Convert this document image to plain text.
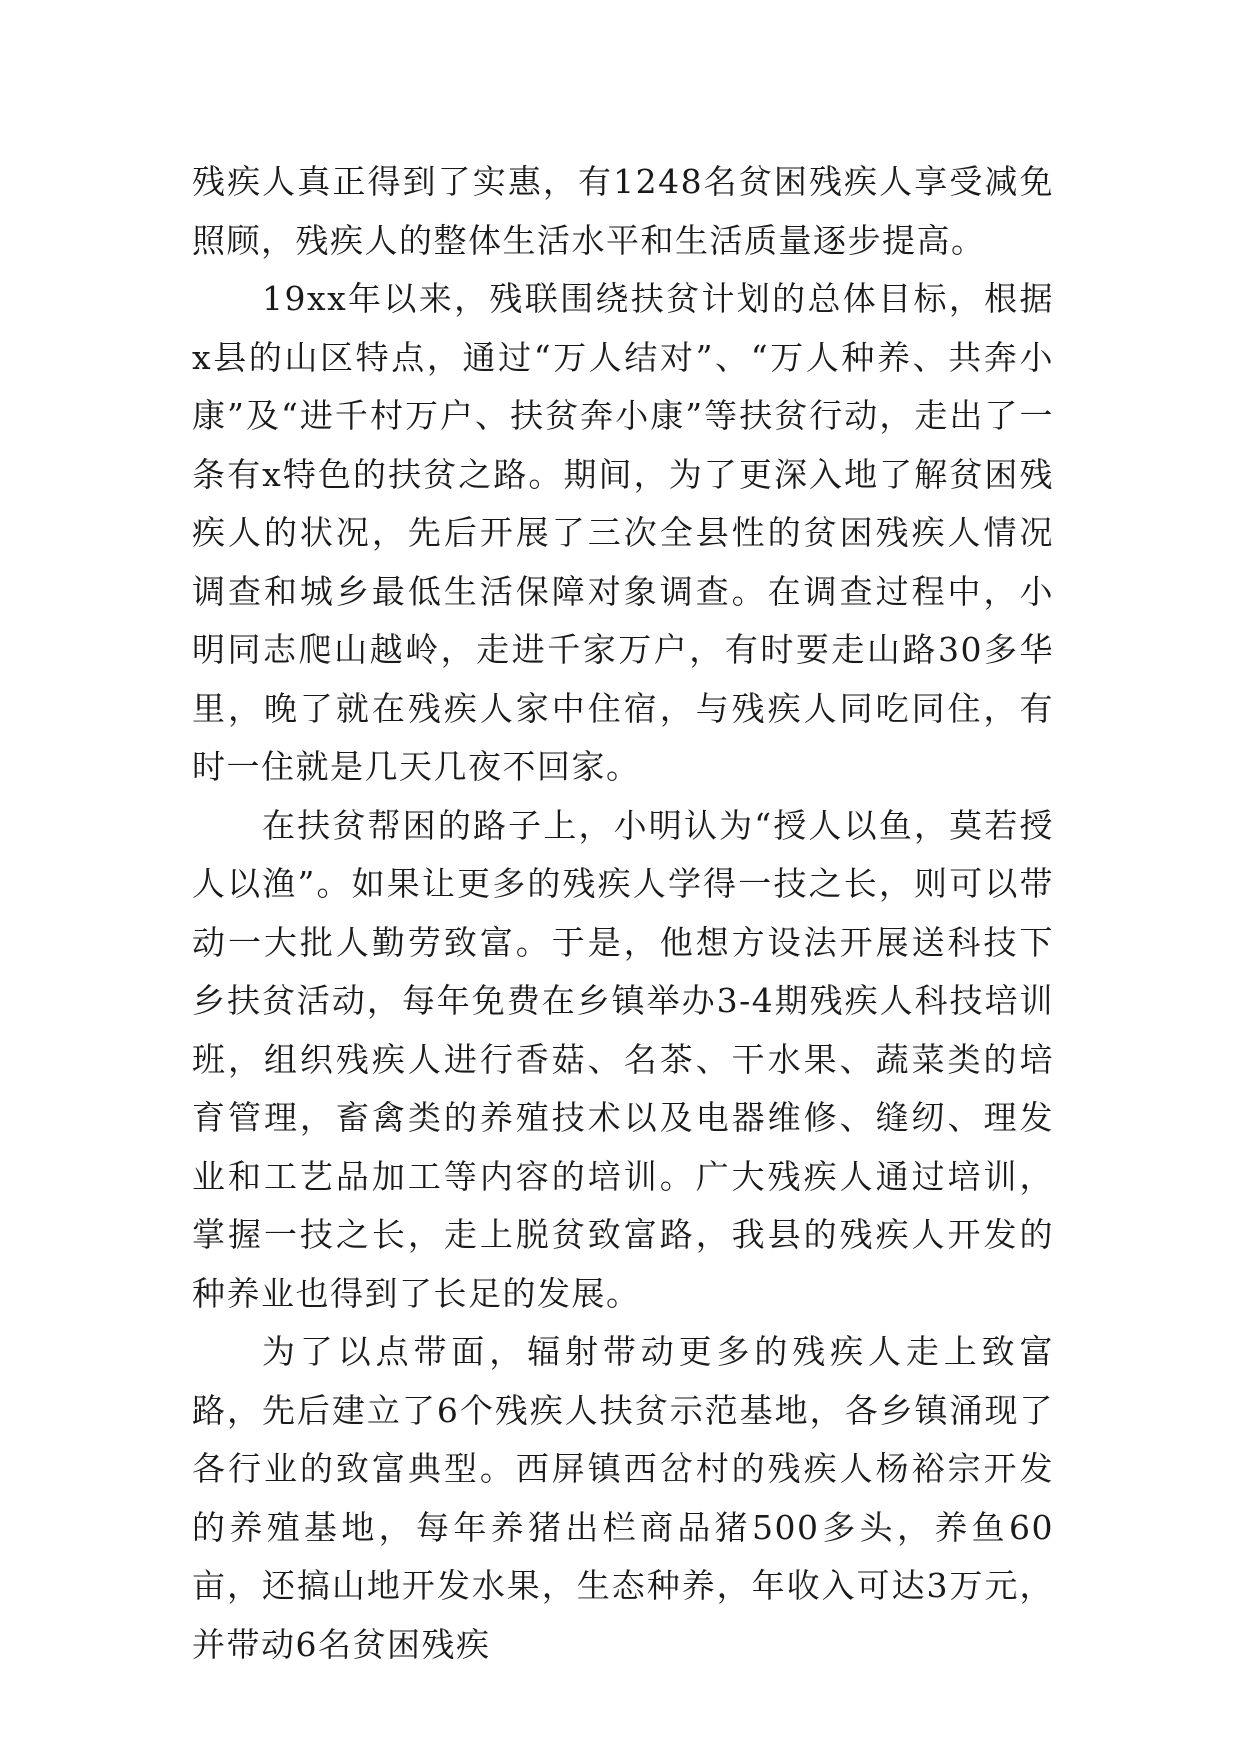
残疾人真正得到了实惠，有1248名贫困残疾人享受减免照顾，残疾人的整体生活水平和生活质量逐步提高。

19xx年以来，残联围绕扶贫计划的总体目标，根据x县的山区特点，通过“万人结对”、“万人种养、共奔小康”及“进千村万户、扶贫奔小康”等扶贫行动，走出了一条有x特色的扶贫之路。期间，为了更深入地了解贫困残疾人的状况，先后开展了三次全县性的贫困残疾人情况调查和城乡最低生活保障对象调查。在调查过程中，小明同志爬山越岭，走进千家万户，有时要走山路30多华里，晚了就在残疾人家中住宿，与残疾人同吃同住，有时一住就是几天几夜不回家。

在扶贫帮困的路子上，小明认为“授人以鱼，莫若授人以渔”。如果让更多的残疾人学得一技之长，则可以带动一大批人勤劳致富。于是，他想方设法开展送科技下乡扶贫活动，每年免费在乡镇举办3-4期残疾人科技培训班，组织残疾人进行香菇、名茶、干水果、蔬菜类的培育管理，畜禽类的养殖技术以及电器维修、缝纫、理发业和工艺品加工等内容的培训。广大残疾人通过培训，掌握一技之长，走上脱贫致富路，我县的残疾人开发的种养业也得到了长足的发展。

为了以点带面，辐射带动更多的残疾人走上致富路，先后建立了6个残疾人扶贫示范基地，各乡镇涌现了各行业的致富典型。西屏镇西岔村的残疾人杨裕宗开发的养殖基地，每年养猪出栏商品猪500多头，养鱼60亩，还搞山地开发水果，生态种养，年收入可达3万元，并带动6名贫困残疾
